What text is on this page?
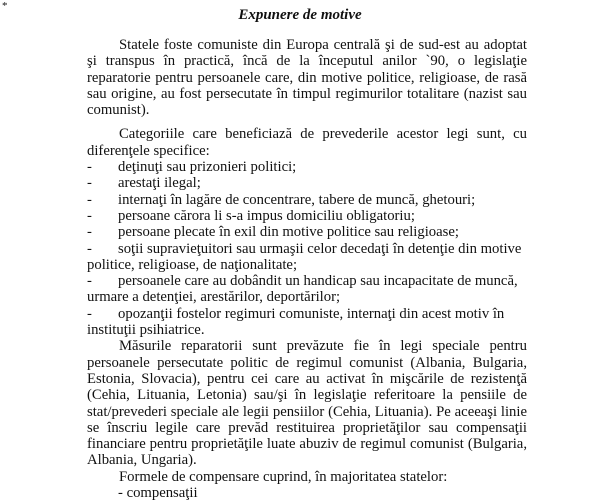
*
Expunere de motive

Statele foste comuniste din Europa centrală şi de sud-est au adoptat şi transpus în practică, încă de la începutul anilor `90, o legislaţie reparatorie pentru persoanele care, din motive politice, religioase, de rasă sau origine, au fost persecutate în timpul regimurilor totalitare (nazist sau comunist).

Categoriile care beneficiază de prevederile acestor legi sunt, cu diferenţele specifice:

- deţinuţi sau prizonieri politici;
- arestaţi ilegal;
- internaţi în lagăre de concentrare, tabere de muncă, ghetouri;
- persoane cărora li s-a impus domiciliu obligatoriu;
- persoane plecate în exil din motive politice sau religioase;
- soţii supravieţuitori sau urmaşii celor decedaţi în detenţie din motive
politice, religioase, de naţionalitate;
- persoanele care au dobândit un handicap sau incapacitate de muncă,
urmare a detenţiei, arestărilor, deportărilor;
- opozanţii fostelor regimuri comuniste, internaţi din acest motiv în
instituţii psihiatrice.

Măsurile reparatorii sunt prevăzute fie în legi speciale pentru persoanele persecutate politic de regimul comunist (Albania, Bulgaria, Estonia, Slovacia), pentru cei care au activat în mişcările de rezistenţă (Cehia, Lituania, Letonia) sau/şi în legislaţie referitoare la pensiile de stat/prevederi speciale ale legii pensiilor (Cehia, Lituania). Pe aceeaşi linie se înscriu legile care prevăd restituirea proprietăţilor sau compensaţii financiare pentru proprietăţile luate abuziv de regimul comunist (Bulgaria, Albania, Ungaria).

Formele de compensare cuprind, în majoritatea statelor:

- compensaţii
